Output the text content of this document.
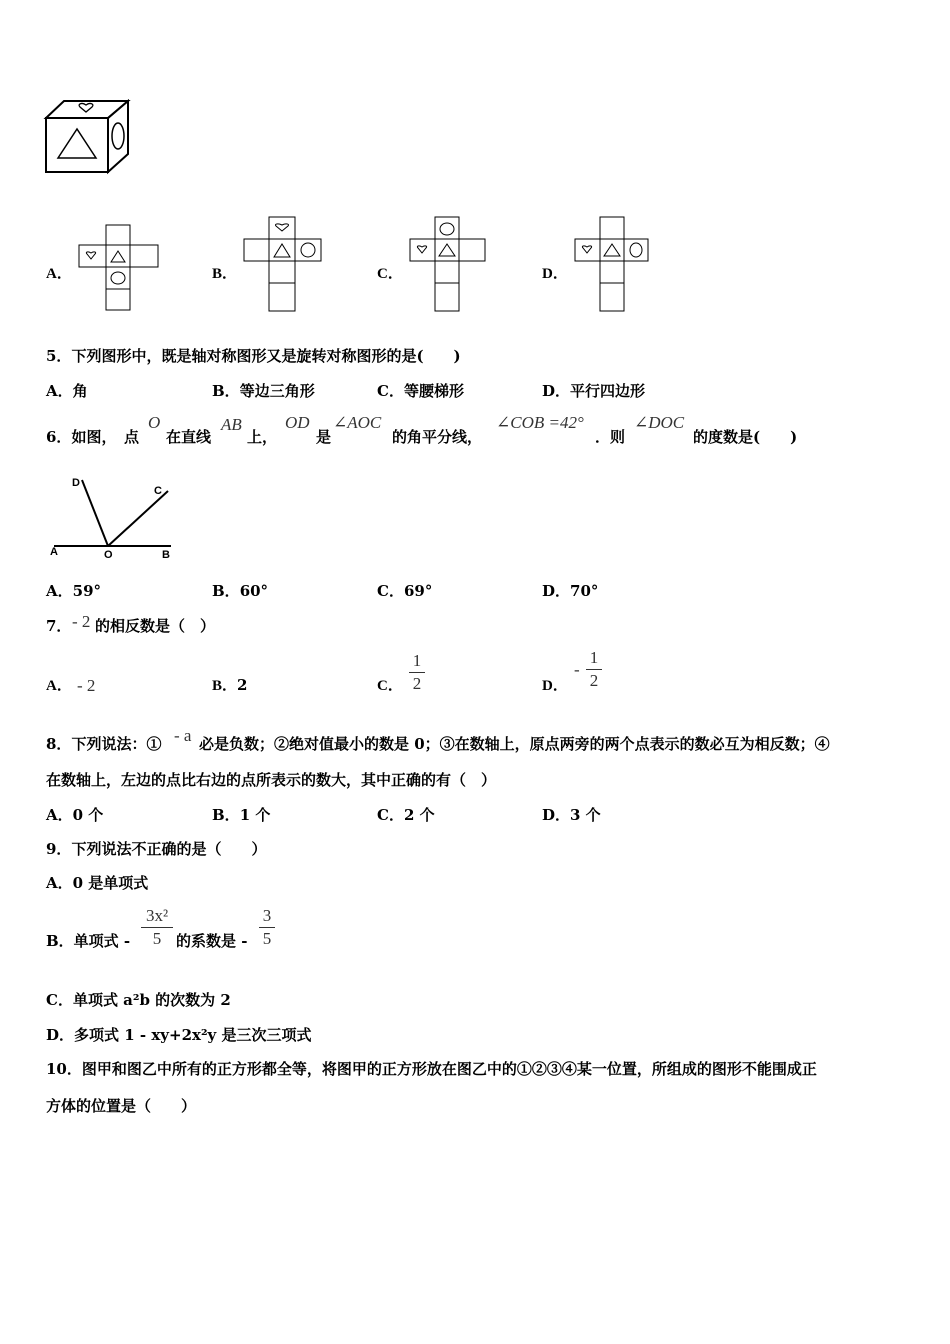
A．	B．	C．	D．
5．下列图形中，既是轴对称图形又是旋转对称图形的是(　　)
A．角	B．等边三角形	C．等腰梯形	D．平行四边形
6．如图，　点
O
在直线
AB
上，
OD
是
∠AOC
的角平分线，
∠COB =42°
．则
∠DOC
的度数是(　　)
D
C
A	O	B
A．59°	B．60°	C．69°	D．70°
7． - 2 的相反数是（　）
A． - 2	B．2	C．
1
2	D．
-
1
2
8．下列说法：① - a 必是负数；②绝对值最小的数是 0；③在数轴上，原点两旁的两个点表示的数必互为相反数；④
在数轴上，左边的点比右边的点所表示的数大，其中正确的有（　）
A．0 个	B．1 个	C．2 个	D．3 个
9．下列说法不正确的是（　　）
A．0 是单项式
B．单项式 -
3x²
5 的系数是 -
3
5
C．单项式 a²b 的次数为 2
D．多项式 1 - xy+2x²y 是三次三项式
10．图甲和图乙中所有的正方形都全等，将图甲的正方形放在图乙中的①②③④某一位置，所组成的图形不能围成正
方体的位置是（　　）
